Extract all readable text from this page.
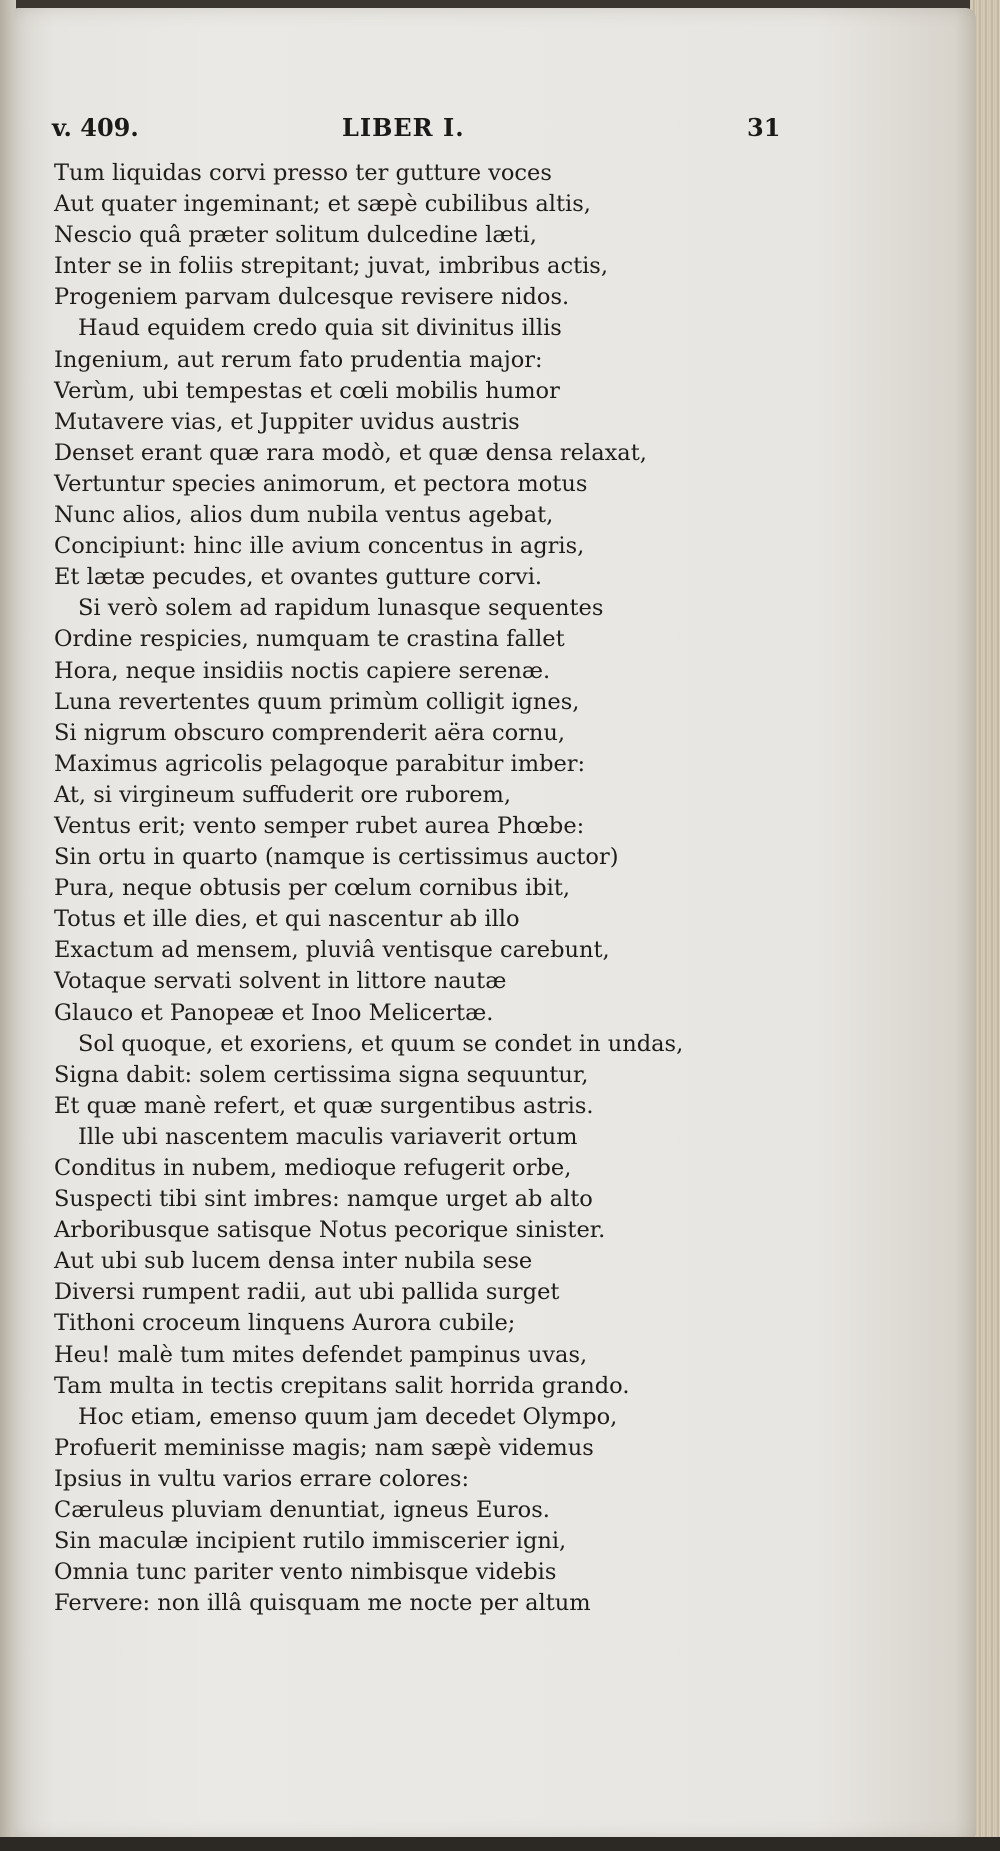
v. 409.	LIBER I.	31
Tum liquidas corvi presso ter gutture voces
Aut quater ingeminant; et sæpè cubilibus altis,
Nescio quâ præter solitum dulcedine læti,
Inter se in foliis strepitant; juvat, imbribus actis,
Progeniem parvam dulcesque revisere nidos.
Haud equidem credo quia sit divinitus illis
Ingenium, aut rerum fato prudentia major:
Verùm, ubi tempestas et cœli mobilis humor
Mutavere vias, et Juppiter uvidus austris
Denset erant quæ rara modò, et quæ densa relaxat,
Vertuntur species animorum, et pectora motus
Nunc alios, alios dum nubila ventus agebat,
Concipiunt: hinc ille avium concentus in agris,
Et lætæ pecudes, et ovantes gutture corvi.
Si verò solem ad rapidum lunasque sequentes
Ordine respicies, numquam te crastina fallet
Hora, neque insidiis noctis capiere serenæ.
Luna revertentes quum primùm colligit ignes,
Si nigrum obscuro comprenderit aëra cornu,
Maximus agricolis pelagoque parabitur imber:
At, si virgineum suffuderit ore ruborem,
Ventus erit; vento semper rubet aurea Phœbe:
Sin ortu in quarto (namque is certissimus auctor)
Pura, neque obtusis per cœlum cornibus ibit,
Totus et ille dies, et qui nascentur ab illo
Exactum ad mensem, pluviâ ventisque carebunt,
Votaque servati solvent in littore nautæ
Glauco et Panopeæ et Inoo Melicertæ.
Sol quoque, et exoriens, et quum se condet in undas,
Signa dabit: solem certissima signa sequuntur,
Et quæ manè refert, et quæ surgentibus astris.
Ille ubi nascentem maculis variaverit ortum
Conditus in nubem, medioque refugerit orbe,
Suspecti tibi sint imbres: namque urget ab alto
Arboribusque satisque Notus pecorique sinister.
Aut ubi sub lucem densa inter nubila sese
Diversi rumpent radii, aut ubi pallida surget
Tithoni croceum linquens Aurora cubile;
Heu! malè tum mites defendet pampinus uvas,
Tam multa in tectis crepitans salit horrida grando.
Hoc etiam, emenso quum jam decedet Olympo,
Profuerit meminisse magis; nam sæpè videmus
Ipsius in vultu varios errare colores:
Cæruleus pluviam denuntiat, igneus Euros.
Sin maculæ incipient rutilo immiscerier igni,
Omnia tunc pariter vento nimbisque videbis
Fervere: non illâ quisquam me nocte per altum
